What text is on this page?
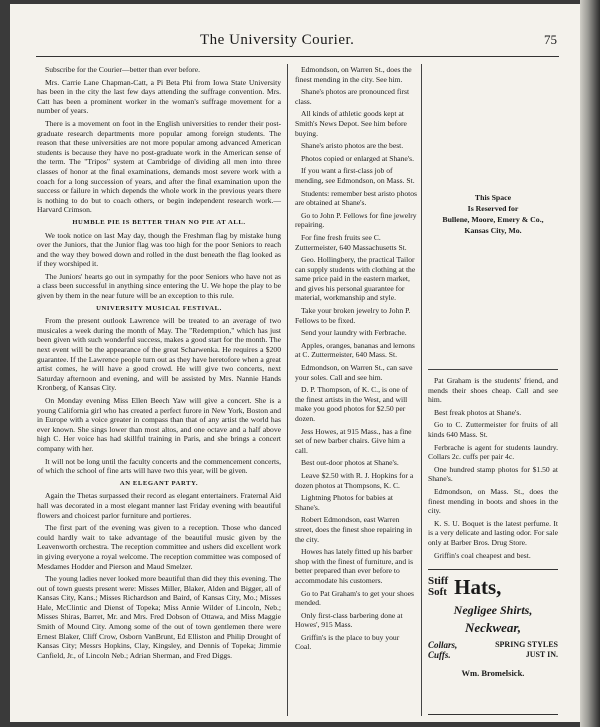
The University Courier.	75

Subscribe for the Courier—better than ever before.

Mrs. Carrie Lane Chapman-Catt, a Pi Beta Phi from Iowa State University has been in the city the last few days attending the suffrage convention. Mrs. Catt has been a prominent worker in the woman's suffrage movement for a number of years.

There is a movement on foot in the English universities to render their post-graduate research departments more popular among foreign students. The reason that these universities are not more popular among advanced American students is because they have no post-graduate work in the American sense of the term. The "Tripos" system at Cambridge of dividing all men into three classes of honor at the final examinations, demands most severe work with a coach for a long succession of years, and after the final examination upon the success or failure in which depends the whole work in the previous years there is nothing to do but to coach others, or begin independent research work.—Harvard Crimson.

HUMBLE PIE IS BETTER THAN NO PIE AT ALL.

We took notice on last May day, though the Freshman flag by mistake hung over the Juniors, that the Junior flag was too high for the poor Seniors to reach and the way they bowed down and rolled in the dust beneath the flag looked as if they worshiped it.

The Juniors' hearts go out in sympathy for the poor Seniors who have not as a class been successful in anything since entering the U. We hope the play to be given by them in the near future will be an exception to this rule.

UNIVERSITY MUSICAL FESTIVAL.

From the present outlook Lawrence will be treated to an average of two musicales a week during the month of May. The "Redemption," which has just been given with such wonderful success, makes a good start for the month. The next event will be the appearance of the great Scharwenka. He requires a $200 guarantee. If the Lawrence people turn out as they have heretofore when a great artist comes, he will have a good crowd. He will give two concerts, next Saturday afternoon and evening, and will be assisted by Mrs. Nannie Hands Kronberg, of Kansas City.

On Monday evening Miss Ellen Beech Yaw will give a concert. She is a young California girl who has created a perfect furore in New York, Boston and in Europe with a voice greater in compass than that of any artist the world has ever known. She sings lower than most altos, and one octave and a half above high C. Her voice has had skillful training in Paris, and she brings a concert company with her.

It will not be long until the faculty concerts and the commencement concerts, of which the school of fine arts will have two this year, will be given.

AN ELEGANT PARTY.

Again the Thetas surpassed their record as elegant entertainers. Fraternal Aid hall was decorated in a most elegant manner last Friday evening with beautiful flowers and choicest parlor furniture and portieres.

The first part of the evening was given to a reception. Those who danced could hardly wait to take advantage of the beautiful music given by the Leavenworth orchestra. The reception committee and ushers did excellent work in giving everyone a royal welcome. The reception committee was composed of Mesdames Hodder and Pierson and Maud Smelzer.

The young ladies never looked more beautiful than did they this evening. The out of town guests present were: Misses Miller, Blaker, Alden and Bigger, all of Kansas City, Kans.; Misses Richardson and Baird, of Kansas City, Mo.; Misses Hale, McClintic and Dienst of Topeka; Miss Annie Wilder of Lincoln, Neb.; Misses Shiras, Barret, Mr. and Mrs. Fred Dobson of Ottawa, and Miss Maggie Smith of Mound City. Among some of the out of town gentlemen there were Ernest Blaker, Cliff Crow, Osborn VanBrunt, Ed Elliston and Philip Drought of Kansas City; Messrs Hopkins, Clay, Kingsley, and Dennis of Topeka; Jimmie Canfield, Jr., of Lincoln Neb.; Adrian Sherman, and Fred Diggs.

Edmondson, on Warren St., does the finest mending in the city. See him.

Shane's photos are pronounced first class.

All kinds of athletic goods kept at Smith's News Depot. See him before buying.

Shane's aristo photos are the best.

Photos copied or enlarged at Shane's.

If you want a first-class job of mending, see Edmondson, on Mass. St.

Students: remember best aristo photos are obtained at Shane's.

Go to John P. Fellows for fine jewelry repairing.

For fine fresh fruits see C. Zuttermeister, 640 Massachusetts St.

Geo. Hollingbery, the practical Tailor can supply students with clothing at the same price paid in the eastern market, and gives his personal guarantee for material, workmanship and style.

Take your broken jewelry to John P. Fellows to be fixed.

Send your laundry with Ferbrache.

Apples, oranges, bananas and lemons at C. Zuttermeister, 640 Mass. St.

Edmondson, on Warren St., can save your soles. Call and see him.

D. P. Thompson, of K. C., is one of the finest artists in the West, and will make you good photos for $2.50 per dozen.

Jess Howes, at 915 Mass., has a fine set of new barber chairs. Give him a call.

Best out-door photos at Shane's.

Leave $2.50 with R. J. Hopkins for a dozen photos at Thompsons, K. C.

Lightning Photos for babies at Shane's.

Robert Edmondson, east Warren street, does the finest shoe repairing in the city.

Howes has lately fitted up his barber shop with the finest of furniture, and is better prepared than ever before to accommodate his customers.

Go to Pat Graham's to get your shoes mended.

Only first-class barbering done at Howes', 915 Mass.

Griffin's is the place to buy your Coal.

This Space
Is Reserved for
Bullene, Moore, Emery & Co.,
Kansas City, Mo.

Pat Graham is the students' friend, and mends their shoes cheap. Call and see him.

Best freak photos at Shane's.

Go to C. Zuttermeister for fruits of all kinds 640 Mass. St.

Ferbrache is agent for students laundry. Collars 2c. cuffs per pair 4c.

One hundred stamp photos for $1.50 at Shane's.

Edmondson, on Mass. St., does the finest mending in boots and shoes in the city.

K. S. U. Boquet is the latest perfume. It is a very delicate and lasting odor. For sale only at Barber Bros. Drug Store.

Griffin's coal cheapest and best.

Stiff
Soft Hats,
Negligee Shirts,
Neckwear,
Collars,
Cuffs.
SPRING STYLES
JUST IN.
Wm. Bromelsick.
